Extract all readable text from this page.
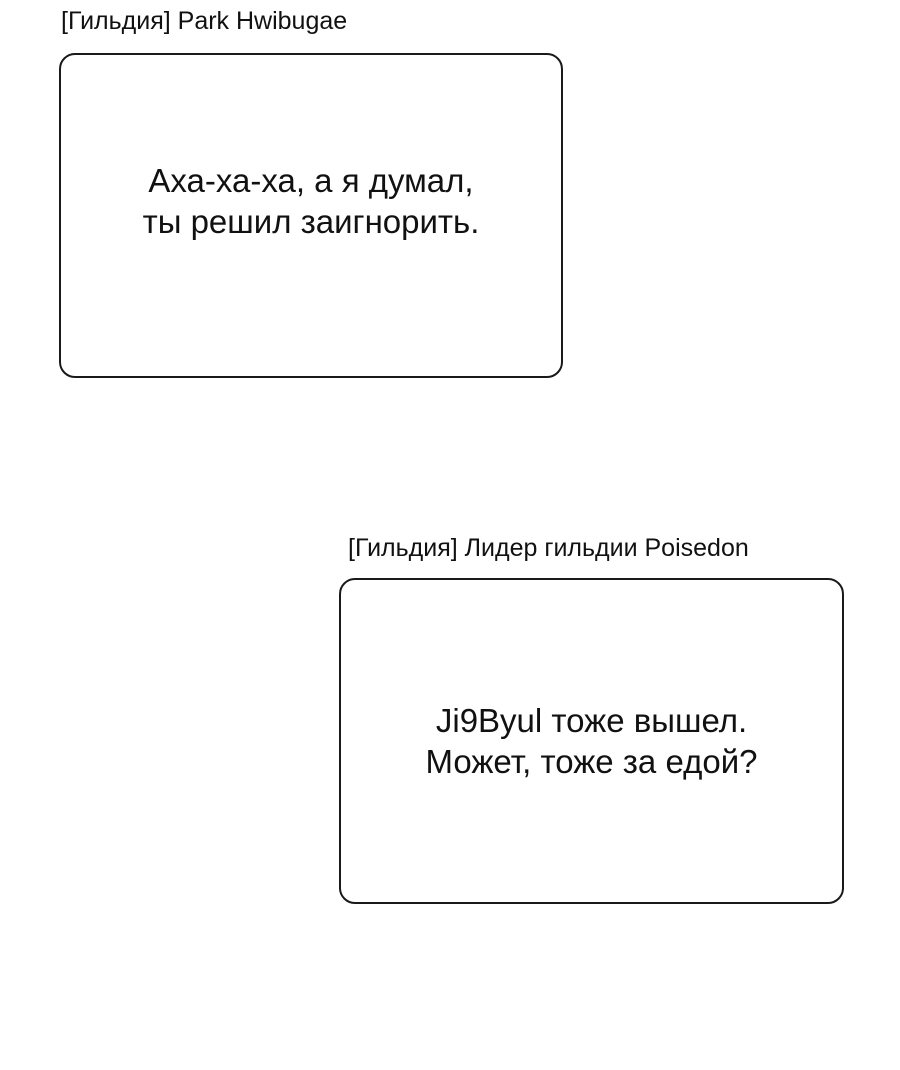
[Гильдия] Park Hwibugae
Аха-ха-ха, а я думал,
ты решил заигнорить.
[Гильдия] Лидер гильдии Poisedon
Ji9Byul тоже вышел.
Может, тоже за едой?
